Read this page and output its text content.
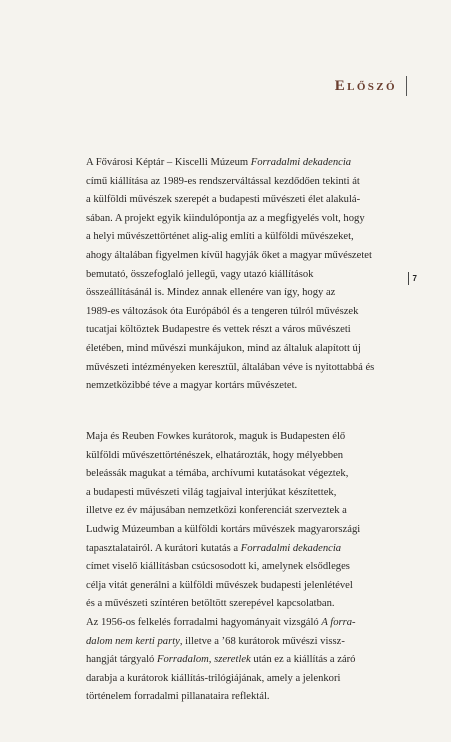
Előszó
7
A Fővárosi Képtár – Kiscelli Múzeum Forradalmi dekadencia
című kiállítása az 1989-es rendszerváltással kezdődően tekinti át
a külföldi művészek szerepét a budapesti művészeti élet alakulá-
sában. A projekt egyik kiindulópontja az a megfigyelés volt, hogy
a helyi művészettörténet alig-alig említi a külföldi művészeket,
ahogy általában figyelmen kívül hagyják őket a magyar művészetet
bemutató, összefoglaló jellegű, vagy utazó kiállítások
összeállításánál is. Mindez annak ellenére van így, hogy az
1989-es változások óta Európából és a tengeren túlról művészek
tucatjai költöztek Budapestre és vettek részt a város művészeti
életében, mind művészi munkájukon, mind az általuk alapított új
művészeti intézményeken keresztül, általában véve is nyitottabbá és
nemzetközibbé téve a magyar kortárs művészetet.
Maja és Reuben Fowkes kurátorok, maguk is Budapesten élő
külföldi művészettörténészek, elhatározták, hogy mélyebben
beleássák magukat a témába, archívumi kutatásokat végeztek,
a budapesti művészeti világ tagjaival interjúkat készítettek,
illetve ez év májusában nemzetközi konferenciát szerveztek a
Ludwig Múzeumban a külföldi kortárs művészek magyarországi
tapasztalatairól. A kurátori kutatás a Forradalmi dekadencia
címet viselő kiállításban csúcsosodott ki, amelynek elsődleges
célja vitát generálni a külföldi művészek budapesti jelenlétével
és a művészeti színtéren betöltött szerepével kapcsolatban.
Az 1956-os felkelés forradalmi hagyományait vizsgáló A forra-
dalom nem kerti party, illetve a ’68 kurátorok művészi vissz-
hangját tárgyaló Forradalom, szeretlek után ez a kiállítás a záró
darabja a kurátorok kiállítás-trilógiájának, amely a jelenkori
történelem forradalmi pillanataira reflektál.
